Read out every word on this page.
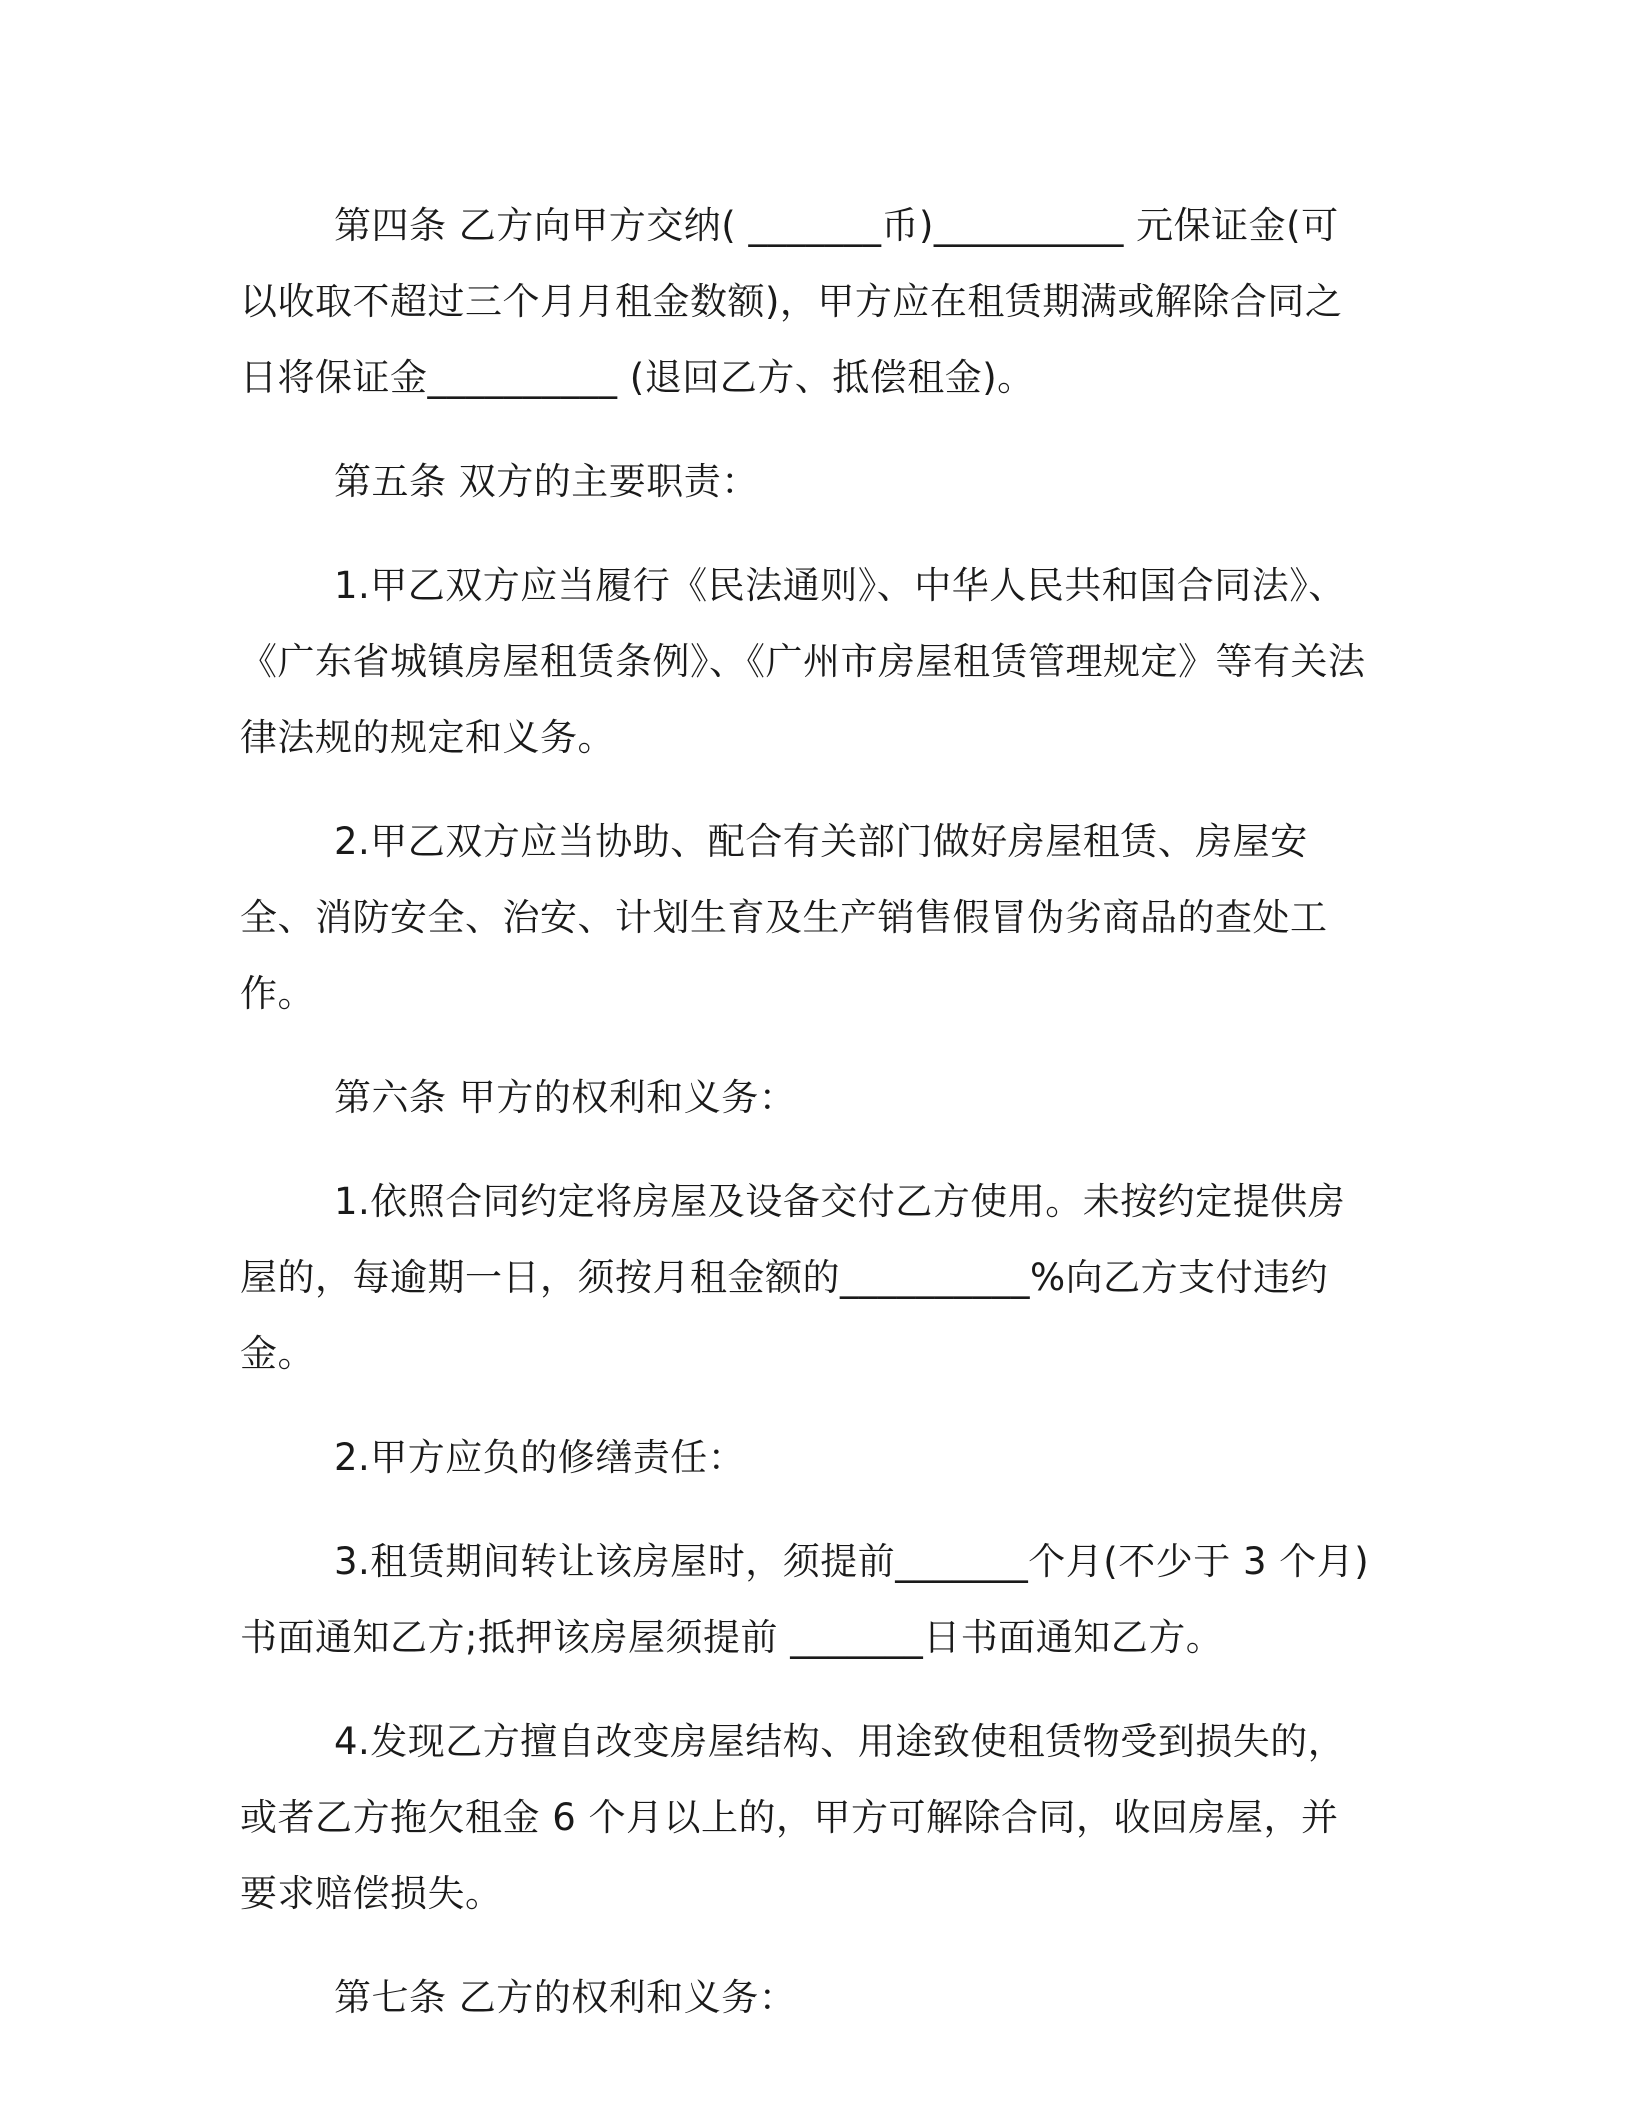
第四条 乙方向甲方交纳( _______币)__________ 元保证金(可以收取不超过三个月月租金数额)，甲方应在租赁期满或解除合同之日将保证金__________ (退回乙方、抵偿租金)。

第五条 双方的主要职责：

1.甲乙双方应当履行《民法通则》、中华人民共和国合同法》、《广东省城镇房屋租赁条例》、《广州市房屋租赁管理规定》等有关法律法规的规定和义务。

2.甲乙双方应当协助、配合有关部门做好房屋租赁、房屋安全、消防安全、治安、计划生育及生产销售假冒伪劣商品的查处工作。

第六条 甲方的权利和义务：

1.依照合同约定将房屋及设备交付乙方使用。未按约定提供房屋的，每逾期一日，须按月租金额的__________%向乙方支付违约金。

2.甲方应负的修缮责任：

3.租赁期间转让该房屋时，须提前_______个月(不少于 3 个月)书面通知乙方;抵押该房屋须提前 _______日书面通知乙方。

4.发现乙方擅自改变房屋结构、用途致使租赁物受到损失的，或者乙方拖欠租金 6 个月以上的，甲方可解除合同，收回房屋，并要求赔偿损失。

第七条 乙方的权利和义务：
